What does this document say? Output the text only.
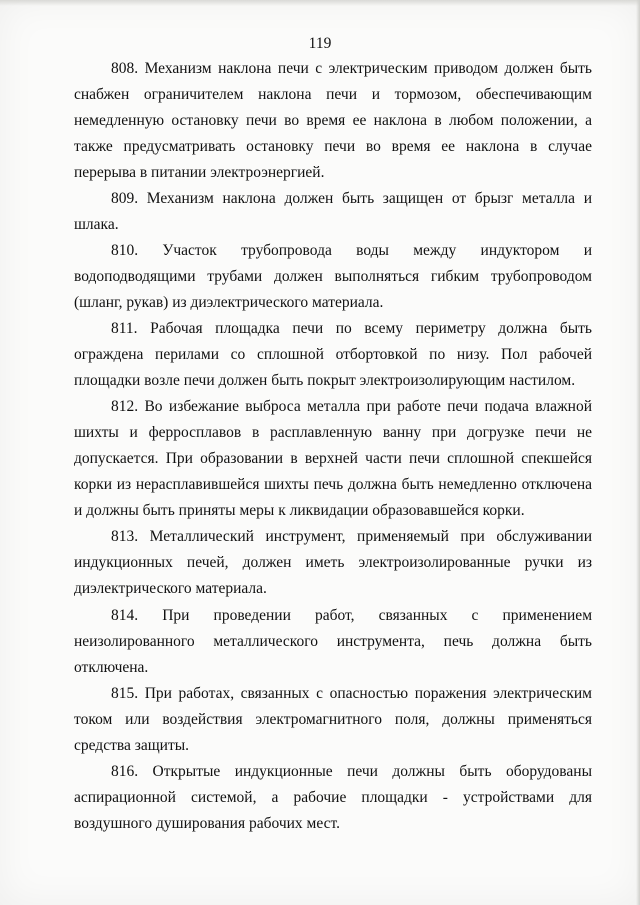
119

808. Механизм наклона печи с электрическим приводом должен быть снабжен ограничителем наклона печи и тормозом, обеспечивающим немедленную остановку печи во время ее наклона в любом положении, а также предусматривать остановку печи во время ее наклона в случае перерыва в питании электроэнергией.

809. Механизм наклона должен быть защищен от брызг металла и шлака.

810. Участок трубопровода воды между индуктором и водоподводящими трубами должен выполняться гибким трубопроводом (шланг, рукав) из диэлектрического материала.

811. Рабочая площадка печи по всему периметру должна быть ограждена перилами со сплошной отбортовкой по низу. Пол рабочей площадки возле печи должен быть покрыт электроизолирующим настилом.

812. Во избежание выброса металла при работе печи подача влажной шихты и ферросплавов в расплавленную ванну при догрузке печи не допускается. При образовании в верхней части печи сплошной спекшейся корки из нерасплавившейся шихты печь должна быть немедленно отключена и должны быть приняты меры к ликвидации образовавшейся корки.

813. Металлический инструмент, применяемый при обслуживании индукционных печей, должен иметь электроизолированные ручки из диэлектрического материала.

814. При проведении работ, связанных с применением неизолированного металлического инструмента, печь должна быть отключена.

815. При работах, связанных с опасностью поражения электрическим током или воздействия электромагнитного поля, должны применяться средства защиты.

816. Открытые индукционные печи должны быть оборудованы аспирационной системой, а рабочие площадки - устройствами для воздушного душирования рабочих мест.
